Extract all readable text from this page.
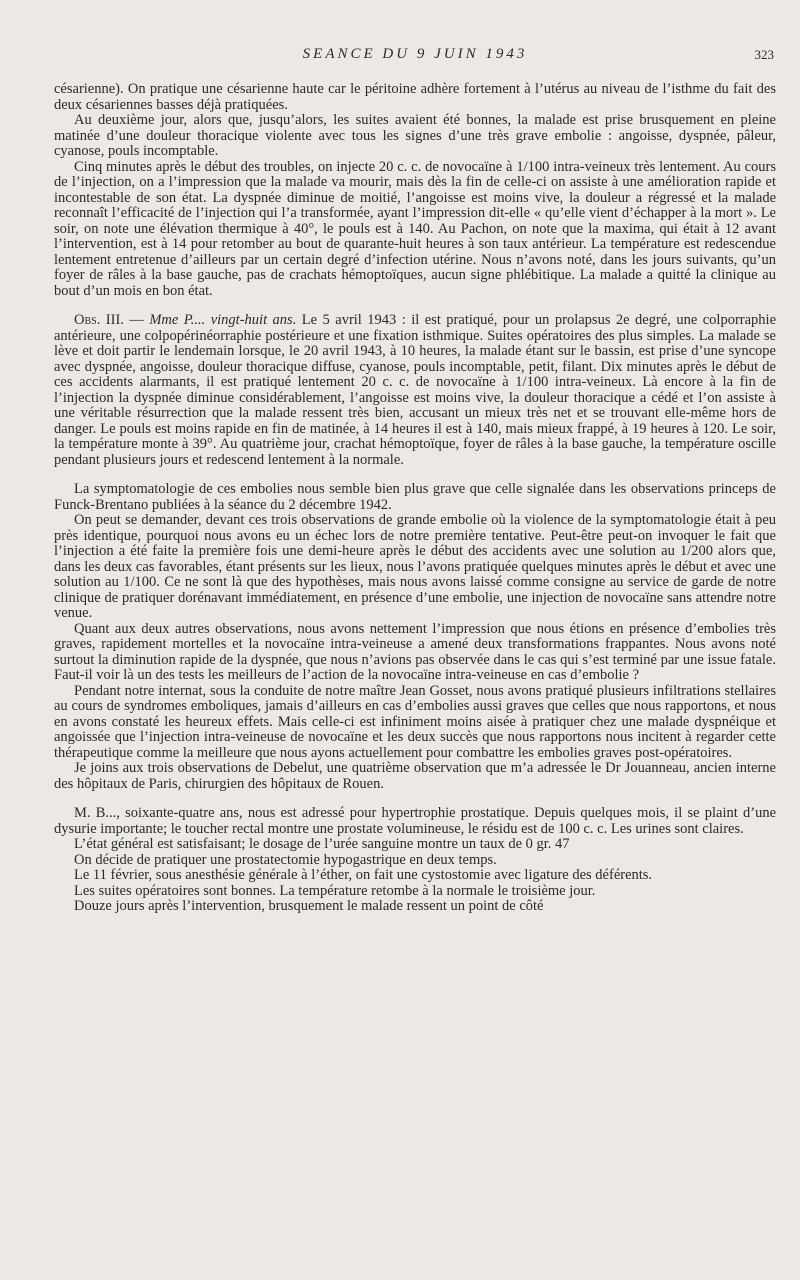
SEANCE DU 9 JUIN 1943	323

césarienne). On pratique une césarienne haute car le péritoine adhère fortement à l’utérus au niveau de l’isthme du fait des deux césariennes basses déjà pratiquées.

Au deuxième jour, alors que, jusqu’alors, les suites avaient été bonnes, la malade est prise brusquement en pleine matinée d’une douleur thoracique violente avec tous les signes d’une très grave embolie : angoisse, dyspnée, pâleur, cyanose, pouls incomptable.

Cinq minutes après le début des troubles, on injecte 20 c. c. de novocaïne à 1/100 intra-veineux très lentement. Au cours de l’injection, on a l’impression que la malade va mourir, mais dès la fin de celle-ci on assiste à une amélioration rapide et incontestable de son état. La dyspnée diminue de moitié, l’angoisse est moins vive, la douleur a régressé et la malade reconnaît l’efficacité de l’injection qui l’a transformée, ayant l’impression dit-elle « qu’elle vient d’échapper à la mort ». Le soir, on note une élévation thermique à 40°, le pouls est à 140. Au Pachon, on note que la maxima, qui était à 12 avant l’intervention, est à 14 pour retomber au bout de quarante-huit heures à son taux antérieur. La température est redescendue lentement entretenue d’ailleurs par un certain degré d’infection utérine. Nous n’avons noté, dans les jours suivants, qu’un foyer de râles à la base gauche, pas de crachats hémoptoïques, aucun signe phlébitique. La malade a quitté la clinique au bout d’un mois en bon état.

Obs. III. — Mme P.... vingt-huit ans. Le 5 avril 1943 : il est pratiqué, pour un prolapsus 2e degré, une colporraphie antérieure, une colpopérinéorraphie postérieure et une fixation isthmique. Suites opératoires des plus simples. La malade se lève et doit partir le lendemain lorsque, le 20 avril 1943, à 10 heures, la malade étant sur le bassin, est prise d’une syncope avec dyspnée, angoisse, douleur thoracique diffuse, cyanose, pouls incomptable, petit, filant. Dix minutes après le début de ces accidents alarmants, il est pratiqué lentement 20 c. c. de novocaïne à 1/100 intra-veineux. Là encore à la fin de l’injection la dyspnée diminue considérablement, l’angoisse est moins vive, la douleur thoracique a cédé et l’on assiste à une véritable résurrection que la malade ressent très bien, accusant un mieux très net et se trouvant elle-même hors de danger. Le pouls est moins rapide en fin de matinée, à 14 heures il est à 140, mais mieux frappé, à 19 heures à 120. Le soir, la température monte à 39°. Au quatrième jour, crachat hémoptoïque, foyer de râles à la base gauche, la température oscille pendant plusieurs jours et redescend lentement à la normale.

La symptomatologie de ces embolies nous semble bien plus grave que celle signalée dans les observations princeps de Funck-Brentano publiées à la séance du 2 décembre 1942.

On peut se demander, devant ces trois observations de grande embolie où la violence de la symptomatologie était à peu près identique, pourquoi nous avons eu un échec lors de notre première tentative. Peut-être peut-on invoquer le fait que l’injection a été faite la première fois une demi-heure après le début des accidents avec une solution au 1/200 alors que, dans les deux cas favorables, étant présents sur les lieux, nous l’avons pratiquée quelques minutes après le début et avec une solution au 1/100. Ce ne sont là que des hypothèses, mais nous avons laissé comme consigne au service de garde de notre clinique de pratiquer dorénavant immédiatement, en présence d’une embolie, une injection de novocaïne sans attendre notre venue.

Quant aux deux autres observations, nous avons nettement l’impression que nous étions en présence d’embolies très graves, rapidement mortelles et la novocaïne intra-veineuse a amené deux transformations frappantes. Nous avons noté surtout la diminution rapide de la dyspnée, que nous n’avions pas observée dans le cas qui s’est terminé par une issue fatale. Faut-il voir là un des tests les meilleurs de l’action de la novocaïne intra-veineuse en cas d’embolie ?

Pendant notre internat, sous la conduite de notre maître Jean Gosset, nous avons pratiqué plusieurs infiltrations stellaires au cours de syndromes emboliques, jamais d’ailleurs en cas d’embolies aussi graves que celles que nous rapportons, et nous en avons constaté les heureux effets. Mais celle-ci est infiniment moins aisée à pratiquer chez une malade dyspnéique et angoissée que l’injection intra-veineuse de novocaïne et les deux succès que nous rapportons nous incitent à regarder cette thérapeutique comme la meilleure que nous ayons actuellement pour combattre les embolies graves post-opératoires.

Je joins aux trois observations de Debelut, une quatrième observation que m’a adressée le Dr Jouanneau, ancien interne des hôpitaux de Paris, chirurgien des hôpitaux de Rouen.

M. B..., soixante-quatre ans, nous est adressé pour hypertrophie prostatique. Depuis quelques mois, il se plaint d’une dysurie importante; le toucher rectal montre une prostate volumineuse, le résidu est de 100 c. c. Les urines sont claires.

L’état général est satisfaisant; le dosage de l’urée sanguine montre un taux de 0 gr. 47

On décide de pratiquer une prostatectomie hypogastrique en deux temps.

Le 11 février, sous anesthésie générale à l’éther, on fait une cystostomie avec ligature des déférents.

Les suites opératoires sont bonnes. La température retombe à la normale le troisième jour.

Douze jours après l’intervention, brusquement le malade ressent un point de côté
